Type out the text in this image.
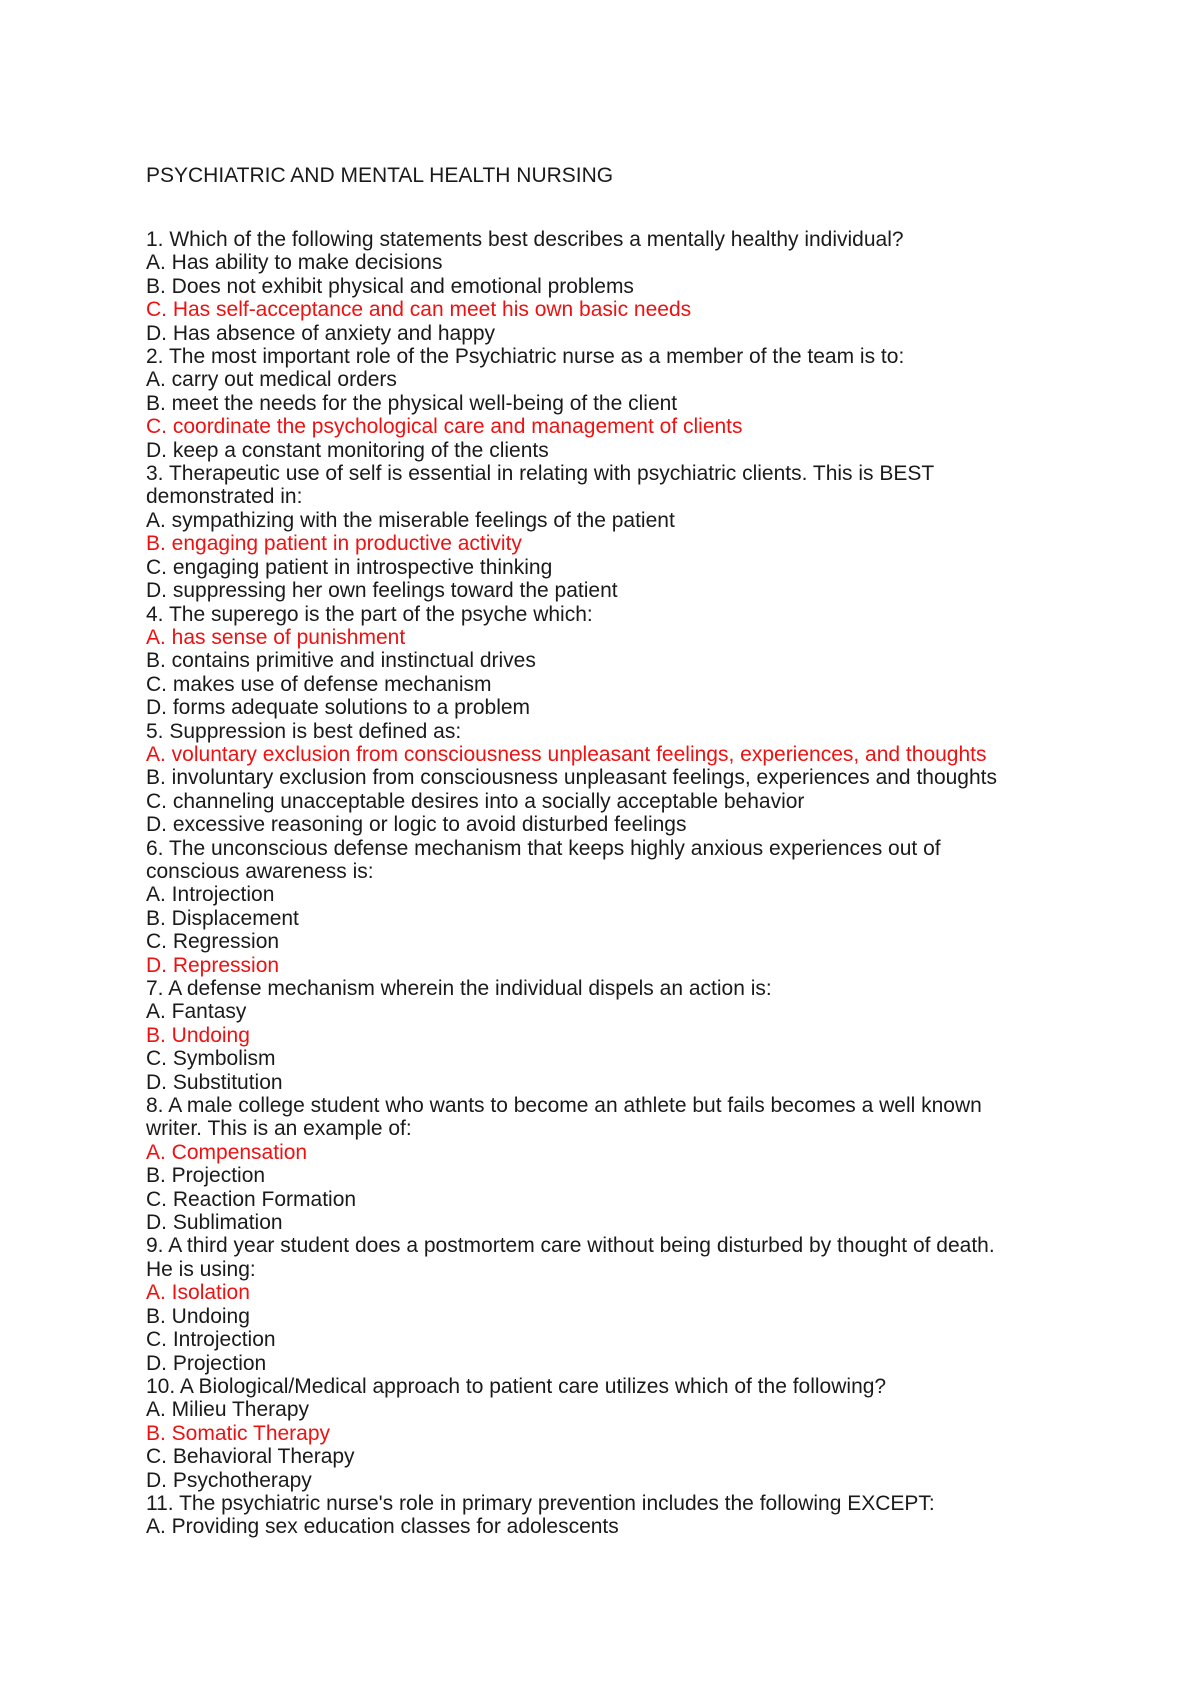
PSYCHIATRIC AND MENTAL HEALTH NURSING
1. Which of the following statements best describes a mentally healthy individual?
A. Has ability to make decisions
B. Does not exhibit physical and emotional problems
C. Has self-acceptance and can meet his own basic needs
D. Has absence of anxiety and happy
2. The most important role of the Psychiatric nurse as a member of the team is to:
A. carry out medical orders
B. meet the needs for the physical well-being of the client
C. coordinate the psychological care and management of clients
D. keep a constant monitoring of the clients
3. Therapeutic use of self is essential in relating with psychiatric clients. This is BEST
demonstrated in:
A. sympathizing with the miserable feelings of the patient
B. engaging patient in productive activity
C. engaging patient in introspective thinking
D. suppressing her own feelings toward the patient
4. The superego is the part of the psyche which:
A. has sense of punishment
B. contains primitive and instinctual drives
C. makes use of defense mechanism
D. forms adequate solutions to a problem
5. Suppression is best defined as:
A. voluntary exclusion from consciousness unpleasant feelings, experiences, and thoughts
B. involuntary exclusion from consciousness unpleasant feelings, experiences and thoughts
C. channeling unacceptable desires into a socially acceptable behavior
D. excessive reasoning or logic to avoid disturbed feelings
6. The unconscious defense mechanism that keeps highly anxious experiences out of
conscious awareness is:
A. Introjection
B. Displacement
C. Regression
D. Repression
7. A defense mechanism wherein the individual dispels an action is:
A. Fantasy
B. Undoing
C. Symbolism
D. Substitution
8. A male college student who wants to become an athlete but fails becomes a well known
writer. This is an example of:
A. Compensation
B. Projection
C. Reaction Formation
D. Sublimation
9. A third year student does a postmortem care without being disturbed by thought of death.
He is using:
A. Isolation
B. Undoing
C. Introjection
D. Projection
10. A Biological/Medical approach to patient care utilizes which of the following?
A. Milieu Therapy
B. Somatic Therapy
C. Behavioral Therapy
D. Psychotherapy
11. The psychiatric nurse's role in primary prevention includes the following EXCEPT:
A. Providing sex education classes for adolescents
